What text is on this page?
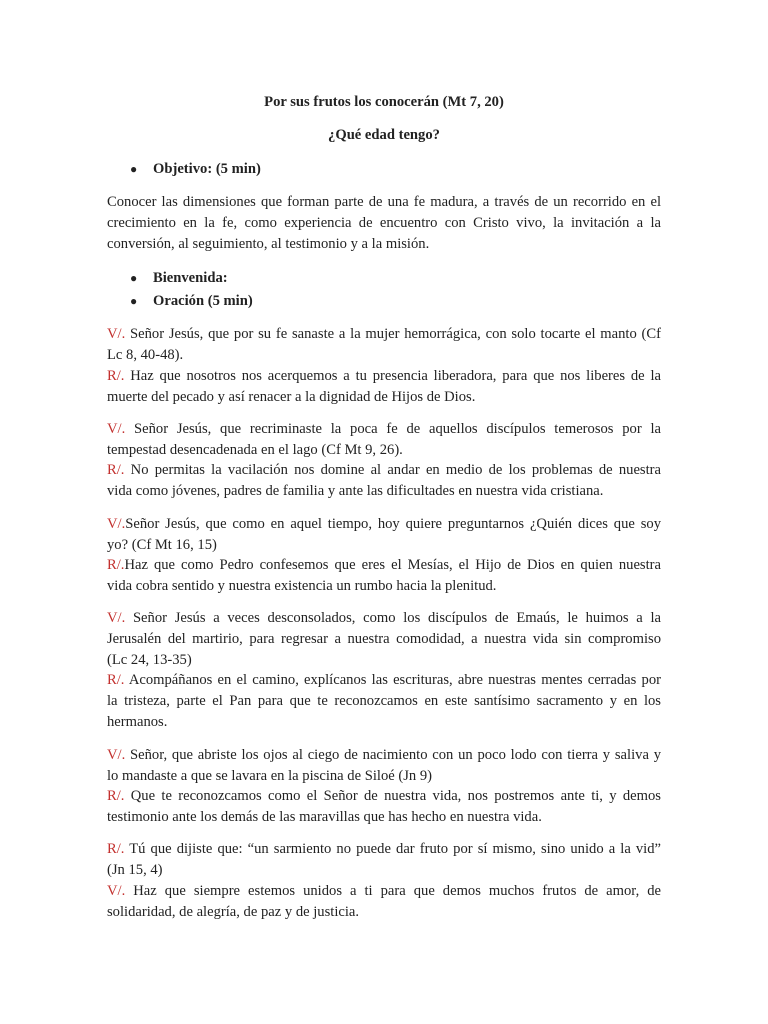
Por sus frutos los conocerán (Mt 7, 20)
¿Qué edad tengo?
● Objetivo: (5 min)
Conocer las dimensiones que forman parte de una fe madura, a través de un recorrido en el
crecimiento en la fe, como experiencia de encuentro con Cristo vivo, la invitación a la
conversión, al seguimiento, al testimonio y a la misión.
● Bienvenida:
● Oración (5 min)
V/. Señor Jesús, que por su fe sanaste a la mujer hemorrágica, con solo tocarte el manto (Cf
Lc 8, 40-48).
R/. Haz que nosotros nos acerquemos a tu presencia liberadora, para que nos liberes de la
muerte del pecado y así renacer a la dignidad de Hijos de Dios.
V/. Señor Jesús, que recriminaste la poca fe de aquellos discípulos temerosos por la
tempestad desencadenada en el lago (Cf Mt 9, 26).
R/. No permitas la vacilación nos domine al andar en medio de los problemas de nuestra
vida como jóvenes, padres de familia y ante las dificultades en nuestra vida cristiana.
V/.Señor Jesús, que como en aquel tiempo, hoy quiere preguntarnos ¿Quién dices que soy
yo? (Cf Mt 16, 15)
R/.Haz que como Pedro confesemos que eres el Mesías, el Hijo de Dios en quien nuestra
vida cobra sentido y nuestra existencia un rumbo hacia la plenitud.
V/. Señor Jesús a veces desconsolados, como los discípulos de Emaús, le huimos a la
Jerusalén del martirio, para regresar a nuestra comodidad, a nuestra vida sin compromiso
(Lc 24, 13-35)
R/. Acompáñanos en el camino, explícanos las escrituras, abre nuestras mentes cerradas por
la tristeza, parte el Pan para que te reconozcamos en este santísimo sacramento y en los
hermanos.
V/. Señor, que abriste los ojos al ciego de nacimiento con un poco lodo con tierra y saliva y
lo mandaste a que se lavara en la piscina de Siloé (Jn 9)
R/. Que te reconozcamos como el Señor de nuestra vida, nos postremos ante ti, y demos
testimonio ante los demás de las maravillas que has hecho en nuestra vida.
R/. Tú que dijiste que: “un sarmiento no puede dar fruto por sí mismo, sino unido a la vid”
(Jn 15, 4)
V/. Haz que siempre estemos unidos a ti para que demos muchos frutos de amor, de
solidaridad, de alegría, de paz y de justicia.
